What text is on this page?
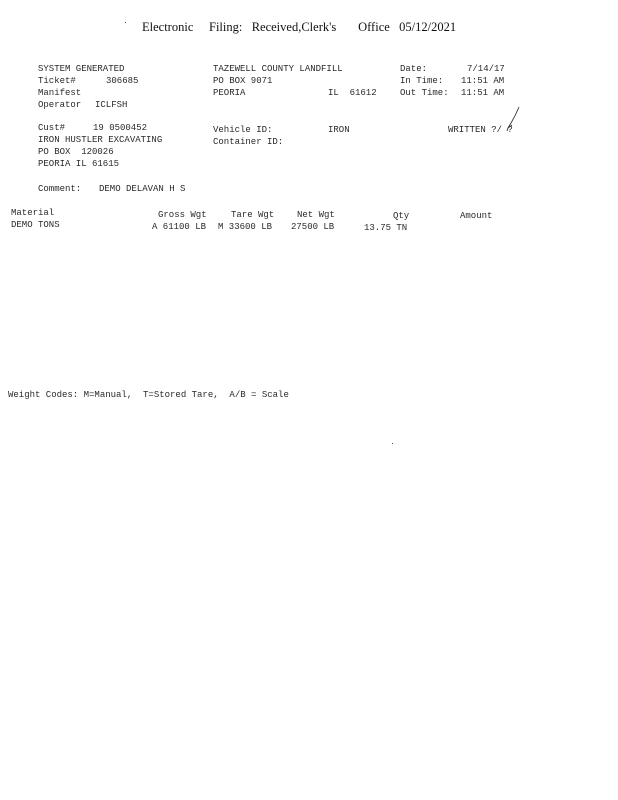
Electronic     Filing:   Received,Clerk's       Office   05/12/2021
SYSTEM GENERATED
Ticket#	306685
Manifest
Operator ICLFSH
TAZEWELL COUNTY LANDFILL
PO BOX 9071
PEORIA	IL  61612
Date:	7/14/17
In Time: 11:51 AM
Out Time: 11:51 AM
Cust#	19 0500452
IRON HUSTLER EXCAVATING
PO BOX  120026
PEORIA IL 61615
Vehicle ID:	IRON
Container ID:
WRITTEN ?/ ?
Comment: DEMO DELAVAN H S
Material	Gross Wgt	Tare Wgt	Net Wgt	Qty	Amount
DEMO TONS	A 61100 LB M 33600 LB 27500 LB	13.75 TN
Weight Codes: M=Manual,  T=Stored Tare,  A/B = Scale
